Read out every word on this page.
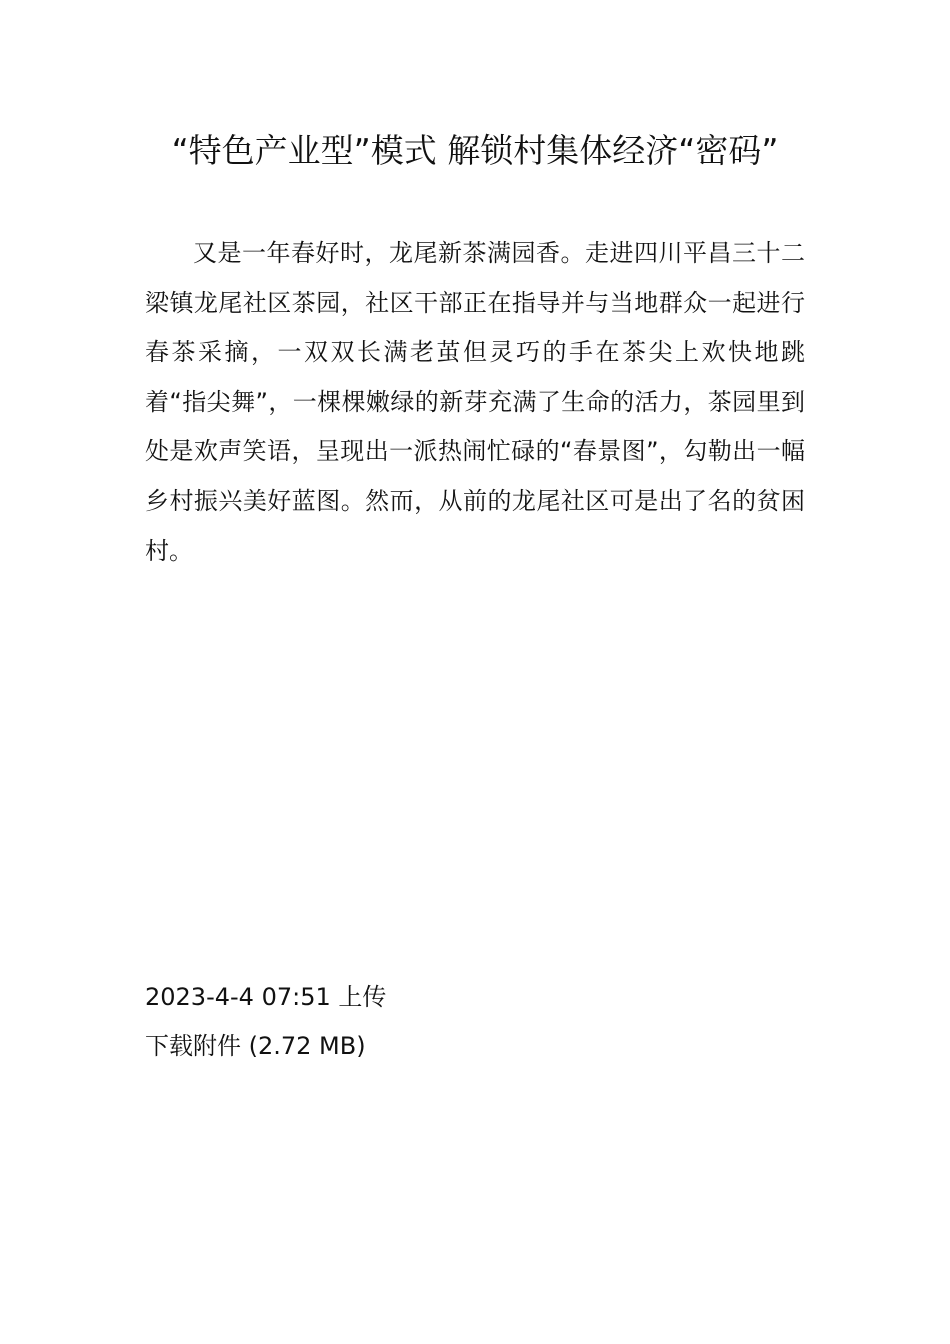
“特色产业型”模式 解锁村集体经济“密码”

又是一年春好时，龙尾新茶满园香。走进四川平昌三十二梁镇龙尾社区茶园，社区干部正在指导并与当地群众一起进行春茶采摘，一双双长满老茧但灵巧的手在茶尖上欢快地跳着“指尖舞”，一棵棵嫩绿的新芽充满了生命的活力，茶园里到处是欢声笑语，呈现出一派热闹忙碌的“春景图”，勾勒出一幅乡村振兴美好蓝图。然而，从前的龙尾社区可是出了名的贫困村。

2023-4-4 07:51 上传
下载附件 (2.72 MB)
